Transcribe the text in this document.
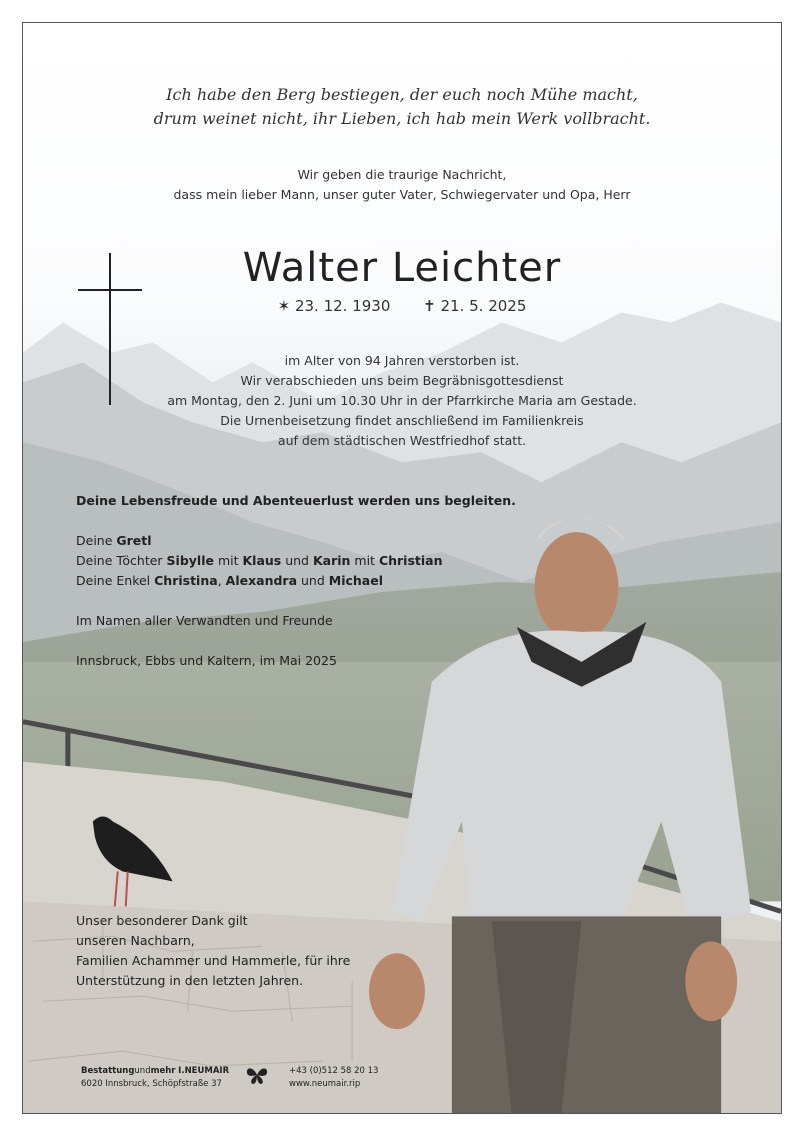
Ich habe den Berg bestiegen, der euch noch Mühe macht,
drum weinet nicht, ihr Lieben, ich hab mein Werk vollbracht.
Wir geben die traurige Nachricht,
dass mein lieber Mann, unser guter Vater, Schwiegervater und Opa, Herr
Walter Leichter
✶ 23. 12. 1930 ✝ 21. 5. 2025
im Alter von 94 Jahren verstorben ist.
Wir verabschieden uns beim Begräbnisgottesdienst
am Montag, den 2. Juni um 10.30 Uhr in der Pfarrkirche Maria am Gestade.
Die Urnenbeisetzung findet anschließend im Familienkreis
auf dem städtischen Westfriedhof statt.
Deine Lebensfreude und Abenteuerlust werden uns begleiten.
Deine Gretl
Deine Töchter Sibylle mit Klaus und Karin mit Christian
Deine Enkel Christina, Alexandra und Michael
Im Namen aller Verwandten und Freunde
Innsbruck, Ebbs und Kaltern, im Mai 2025
Unser besonderer Dank gilt
unseren Nachbarn,
Familien Achammer und Hammerle, für ihre
Unterstützung in den letzten Jahren.
Bestattungundmehr I.NEUMAIR
6020 Innsbruck, Schöpfstraße 37
+43 (0)512 58 20 13
www.neumair.rip
